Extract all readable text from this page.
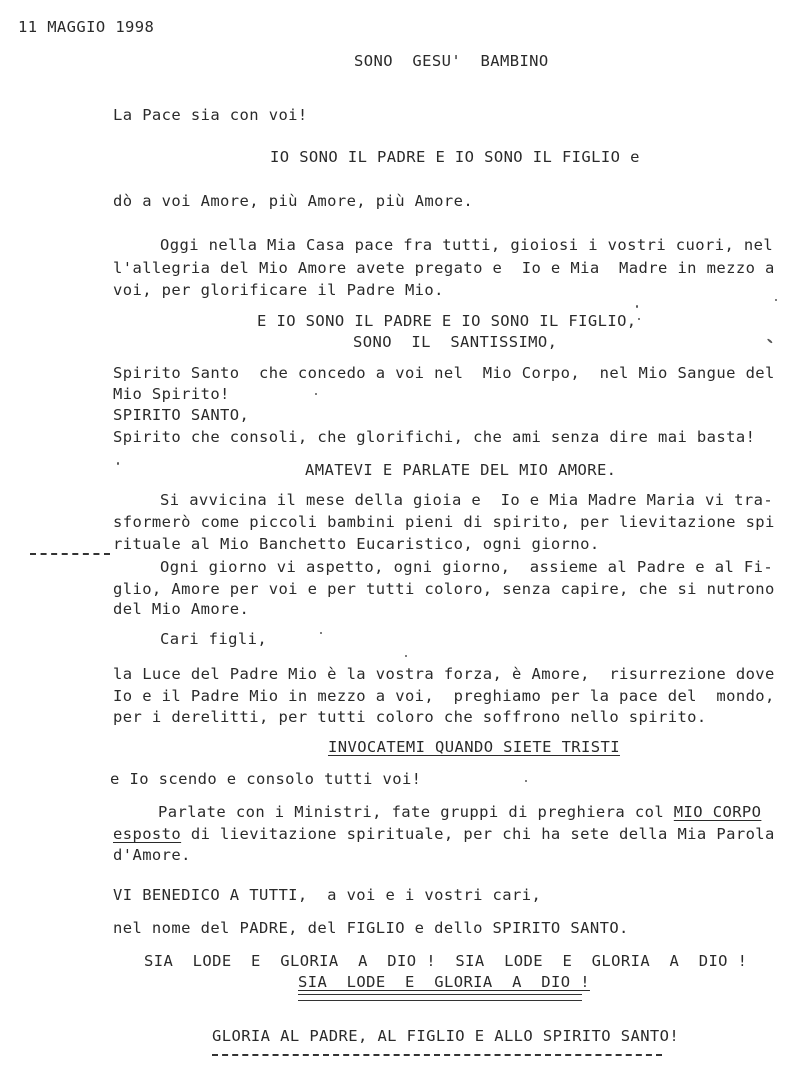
11 MAGGIO 1998
SONO  GESU'  BAMBINO
La Pace sia con voi!
IO SONO IL PADRE E IO SONO IL FIGLIO e
dò a voi Amore, più Amore, più Amore.
Oggi nella Mia Casa pace fra tutti, gioiosi i vostri cuori, nel
l'allegria del Mio Amore avete pregato e  Io e Mia  Madre in mezzo a
voi, per glorificare il Padre Mio.
E IO SONO IL PADRE E IO SONO IL FIGLIO,
SONO  IL  SANTISSIMO,
Spirito Santo  che concedo a voi nel  Mio Corpo,  nel Mio Sangue del
Mio Spirito!
SPIRITO SANTO,
Spirito che consoli, che glorifichi, che ami senza dire mai basta!
AMATEVI E PARLATE DEL MIO AMORE.
Si avvicina il mese della gioia e  Io e Mia Madre Maria vi tra-
sformerò come piccoli bambini pieni di spirito, per lievitazione spi
rituale al Mio Banchetto Eucaristico, ogni giorno.
Ogni giorno vi aspetto, ogni giorno,  assieme al Padre e al Fi-
glio, Amore per voi e per tutti coloro, senza capire, che si nutrono
del Mio Amore.
Cari figli,
la Luce del Padre Mio è la vostra forza, è Amore,  risurrezione dove
Io e il Padre Mio in mezzo a voi,  preghiamo per la pace del  mondo,
per i derelitti, per tutti coloro che soffrono nello spirito.
INVOCATEMI QUANDO SIETE TRISTI
e Io scendo e consolo tutti voi!
Parlate con i Ministri, fate gruppi di preghiera col MIO CORPO
esposto di lievitazione spirituale, per chi ha sete della Mia Parola
d'Amore.
VI BENEDICO A TUTTI,  a voi e i vostri cari,
nel nome del PADRE, del FIGLIO e dello SPIRITO SANTO.
SIA  LODE  E  GLORIA  A  DIO !  SIA  LODE  E  GLORIA  A  DIO !
SIA  LODE  E  GLORIA  A  DIO !
GLORIA AL PADRE, AL FIGLIO E ALLO SPIRITO SANTO!
